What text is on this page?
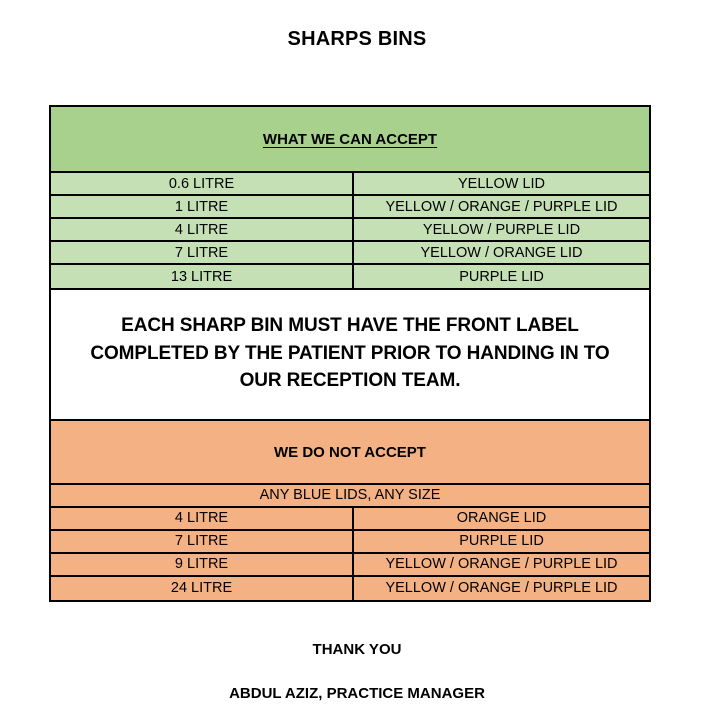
SHARPS BINS
WHAT WE CAN ACCEPT
0.6 LITRE	YELLOW LID
1 LITRE	YELLOW / ORANGE / PURPLE LID
4 LITRE	YELLOW / PURPLE LID
7 LITRE	YELLOW / ORANGE LID
13 LITRE	PURPLE LID

EACH SHARP BIN MUST HAVE THE FRONT LABEL COMPLETED BY THE PATIENT PRIOR TO HANDING IN TO OUR RECEPTION TEAM.

WE DO NOT ACCEPT
ANY BLUE LIDS, ANY SIZE
4 LITRE	ORANGE LID
7 LITRE	PURPLE LID
9 LITRE	YELLOW / ORANGE / PURPLE LID
24 LITRE	YELLOW / ORANGE / PURPLE LID
THANK YOU
ABDUL AZIZ, PRACTICE MANAGER
